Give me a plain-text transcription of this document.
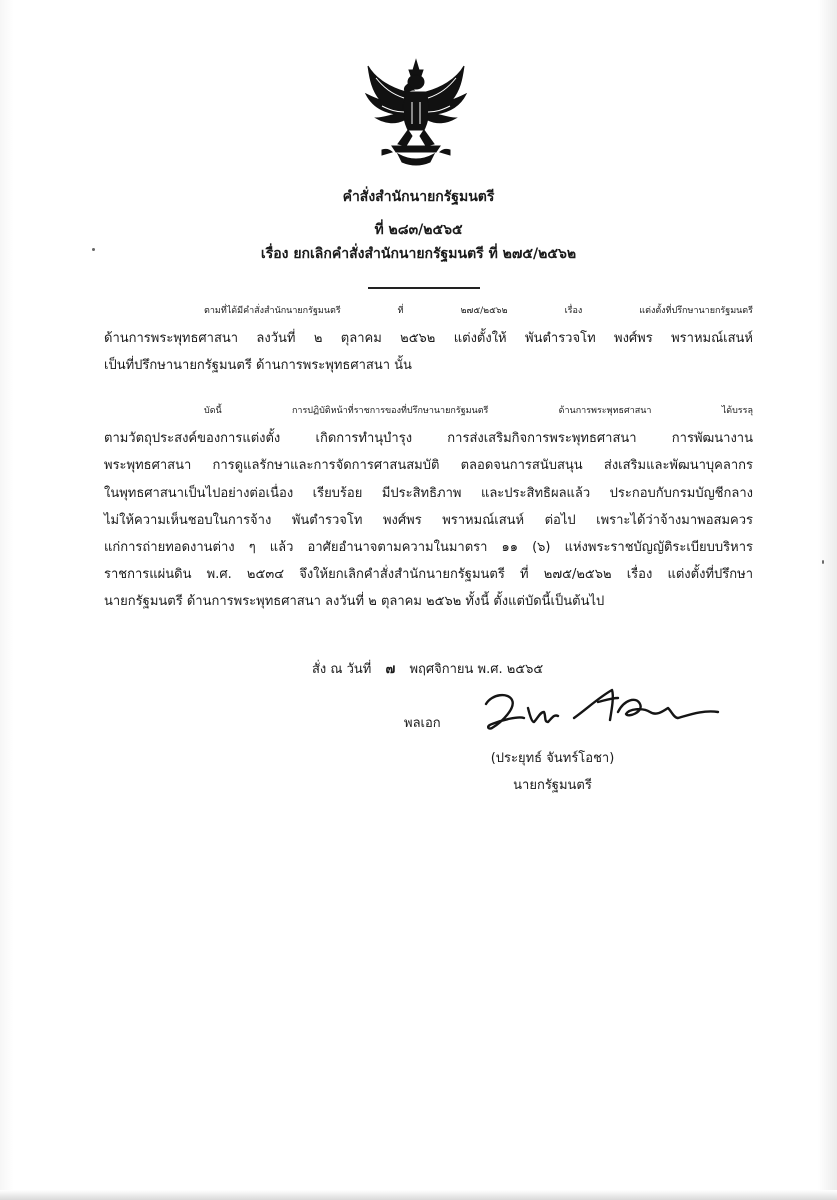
คำสั่งสำนักนายกรัฐมนตรี
ที่ ๒๘๓/๒๕๖๕
เรื่อง ยกเลิกคำสั่งสำนักนายกรัฐมนตรี ที่ ๒๗๕/๒๕๖๒
ตามที่ได้มีคำสั่งสำนักนายกรัฐมนตรี ที่ ๒๗๕/๒๕๖๒ เรื่อง แต่งตั้งที่ปรึกษานายกรัฐมนตรี
ด้านการพระพุทธศาสนา ลงวันที่ ๒ ตุลาคม ๒๕๖๒ แต่งตั้งให้ พันตำรวจโท พงศ์พร พราหมณ์เสนห์
เป็นที่ปรึกษานายกรัฐมนตรี ด้านการพระพุทธศาสนา นั้น
บัดนี้ การปฏิบัติหน้าที่ราชการของที่ปรึกษานายกรัฐมนตรี ด้านการพระพุทธศาสนา ได้บรรลุ
ตามวัตถุประสงค์ของการแต่งตั้ง เกิดการทำนุบำรุง การส่งเสริมกิจการพระพุทธศาสนา การพัฒนางาน
พระพุทธศาสนา การดูแลรักษาและการจัดการศาสนสมบัติ ตลอดจนการสนับสนุน ส่งเสริมและพัฒนาบุคลากร
ในพุทธศาสนาเป็นไปอย่างต่อเนื่อง เรียบร้อย มีประสิทธิภาพ และประสิทธิผลแล้ว ประกอบกับกรมบัญชีกลาง
ไม่ให้ความเห็นชอบในการจ้าง พันตำรวจโท พงศ์พร พราหมณ์เสนห์ ต่อไป เพราะได้ว่าจ้างมาพอสมควร
แก่การถ่ายทอดงานต่าง ๆ แล้ว อาศัยอำนาจตามความในมาตรา ๑๑ (๖) แห่งพระราชบัญญัติระเบียบบริหาร
ราชการแผ่นดิน พ.ศ. ๒๕๓๔ จึงให้ยกเลิกคำสั่งสำนักนายกรัฐมนตรี ที่ ๒๗๕/๒๕๖๒ เรื่อง แต่งตั้งที่ปรึกษา
นายกรัฐมนตรี ด้านการพระพุทธศาสนา ลงวันที่ ๒ ตุลาคม ๒๕๖๒ ทั้งนี้ ตั้งแต่บัดนี้เป็นต้นไป
สั่ง ณ วันที่ ๗ พฤศจิกายน พ.ศ. ๒๕๖๕
พลเอก
(ประยุทธ์ จันทร์โอชา)
นายกรัฐมนตรี
